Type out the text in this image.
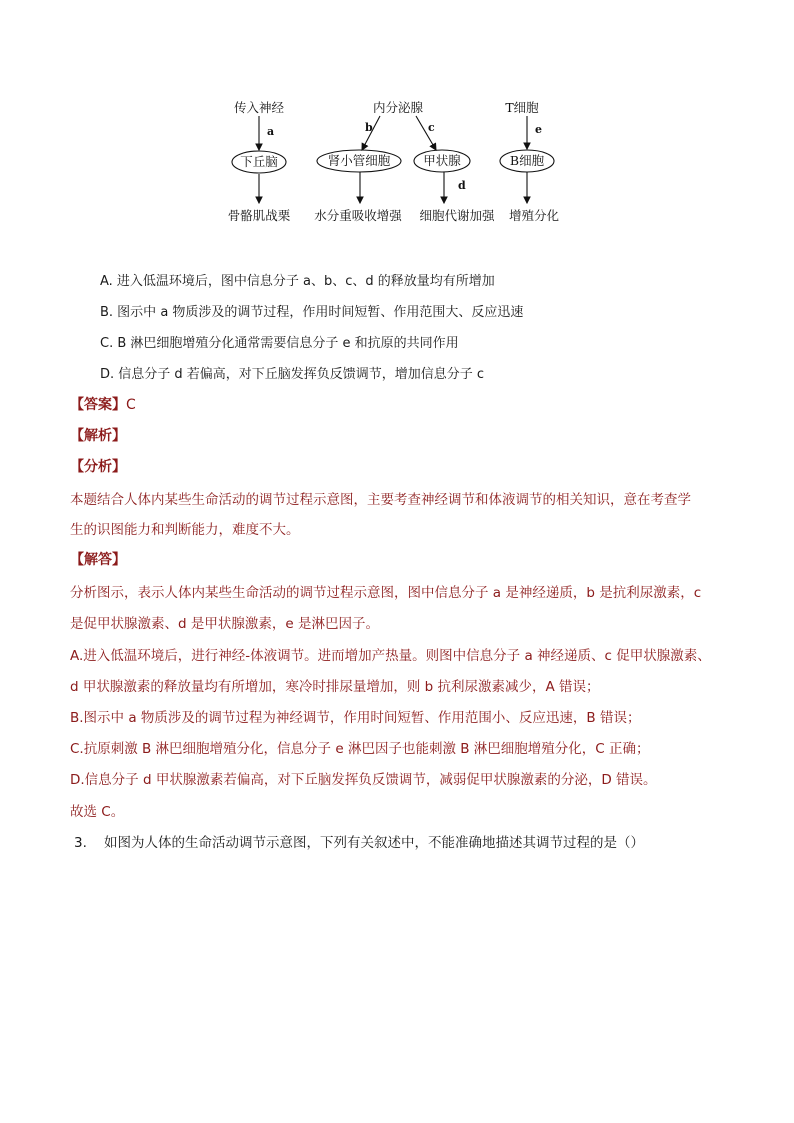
传入神经	内分泌腺	T细胞
下丘脑	肾小管细胞	甲状腺	B细胞
骨骼肌战栗 水分重吸收增强 细胞代谢加强 增殖分化
a	b	c
d
e
A. 进入低温环境后，图中信息分子 a、b、c、d 的释放量均有所增加
B. 图示中 a 物质涉及的调节过程，作用时间短暂、作用范围大、反应迅速
C. B 淋巴细胞增殖分化通常需要信息分子 e 和抗原的共同作用
D. 信息分子 d 若偏高，对下丘脑发挥负反馈调节，增加信息分子 c
【答案】C
【解析】
【分析】
本题结合人体内某些生命活动的调节过程示意图，主要考查神经调节和体液调节的相关知识，意在考查学
生的识图能力和判断能力，难度不大。
【解答】
分析图示，表示人体内某些生命活动的调节过程示意图，图中信息分子 a 是神经递质，b 是抗利尿激素，c
是促甲状腺激素、d 是甲状腺激素，e 是淋巴因子。
A.进入低温环境后，进行神经-体液调节。进而增加产热量。则图中信息分子 a 神经递质、c 促甲状腺激素、
d 甲状腺激素的释放量均有所增加，寒冷时排尿量增加，则 b 抗利尿激素减少，A 错误；
B.图示中 a 物质涉及的调节过程为神经调节，作用时间短暂、作用范围小、反应迅速，B 错误；
C.抗原刺激 B 淋巴细胞增殖分化，信息分子 e 淋巴因子也能刺激 B 淋巴细胞增殖分化，C 正确；
D.信息分子 d 甲状腺激素若偏高，对下丘脑发挥负反馈调节，减弱促甲状腺激素的分泌，D 错误。
故选 C。
3. 如图为人体的生命活动调节示意图，下列有关叙述中，不能准确地描述其调节过程的是（）
